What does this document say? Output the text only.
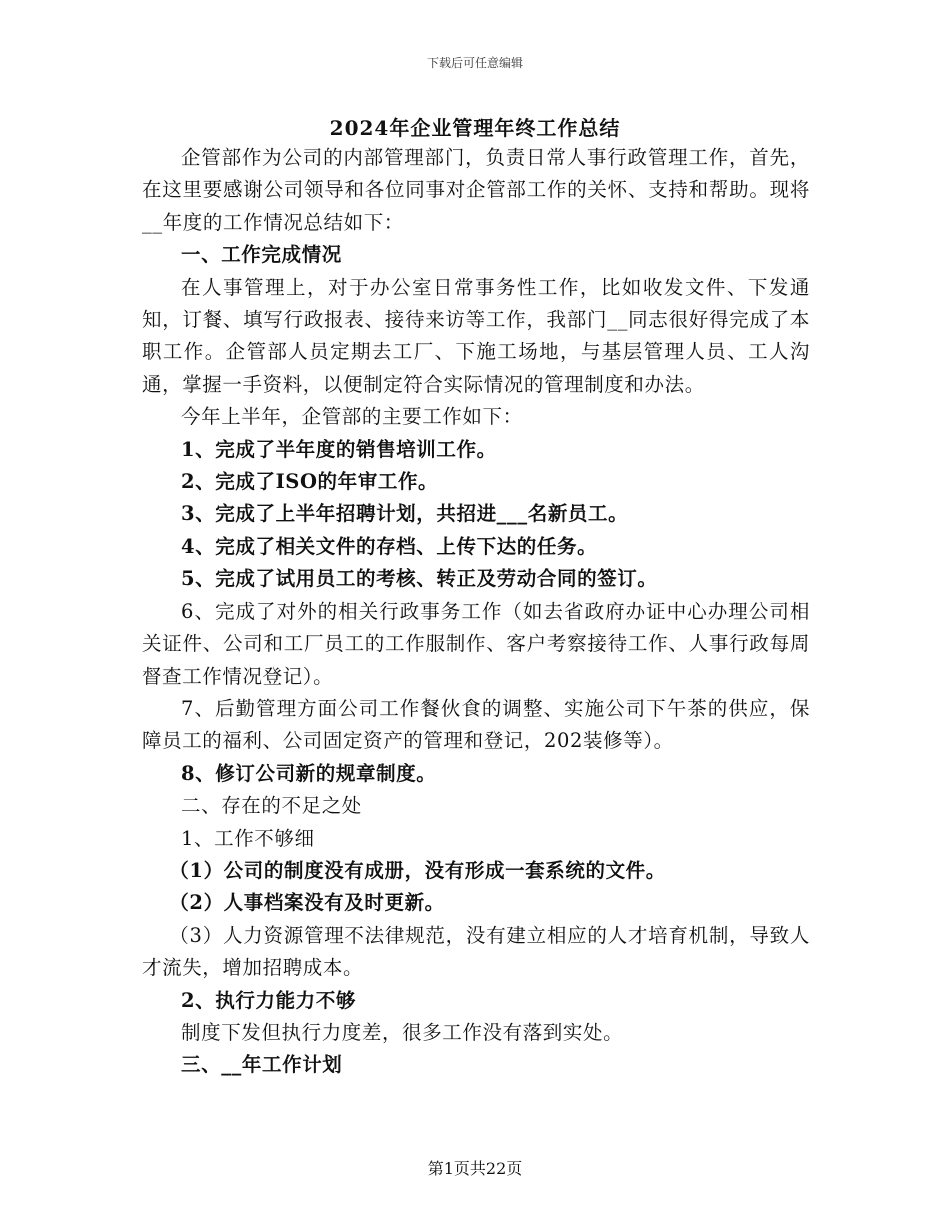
下载后可任意编辑
2024年企业管理年终工作总结

企管部作为公司的内部管理部门，负责日常人事行政管理工作，首先，在这里要感谢公司领导和各位同事对企管部工作的关怀、支持和帮助。现将__年度的工作情况总结如下：

一、工作完成情况

在人事管理上，对于办公室日常事务性工作，比如收发文件、下发通知，订餐、填写行政报表、接待来访等工作，我部门__同志很好得完成了本职工作。企管部人员定期去工厂、下施工场地，与基层管理人员、工人沟通，掌握一手资料，以便制定符合实际情况的管理制度和办法。

今年上半年，企管部的主要工作如下：

1、完成了半年度的销售培训工作。

2、完成了ISO的年审工作。

3、完成了上半年招聘计划，共招进___名新员工。

4、完成了相关文件的存档、上传下达的任务。

5、完成了试用员工的考核、转正及劳动合同的签订。

6、完成了对外的相关行政事务工作（如去省政府办证中心办理公司相关证件、公司和工厂员工的工作服制作、客户考察接待工作、人事行政每周督查工作情况登记）。

7、后勤管理方面公司工作餐伙食的调整、实施公司下午茶的供应，保障员工的福利、公司固定资产的管理和登记，202装修等）。

8、修订公司新的规章制度。

二、存在的不足之处

1、工作不够细

（1）公司的制度没有成册，没有形成一套系统的文件。

（2）人事档案没有及时更新。

（3）人力资源管理不法律规范，没有建立相应的人才培育机制，导致人才流失，增加招聘成本。

2、执行力能力不够

制度下发但执行力度差，很多工作没有落到实处。

三、__年工作计划

第1页共22页
